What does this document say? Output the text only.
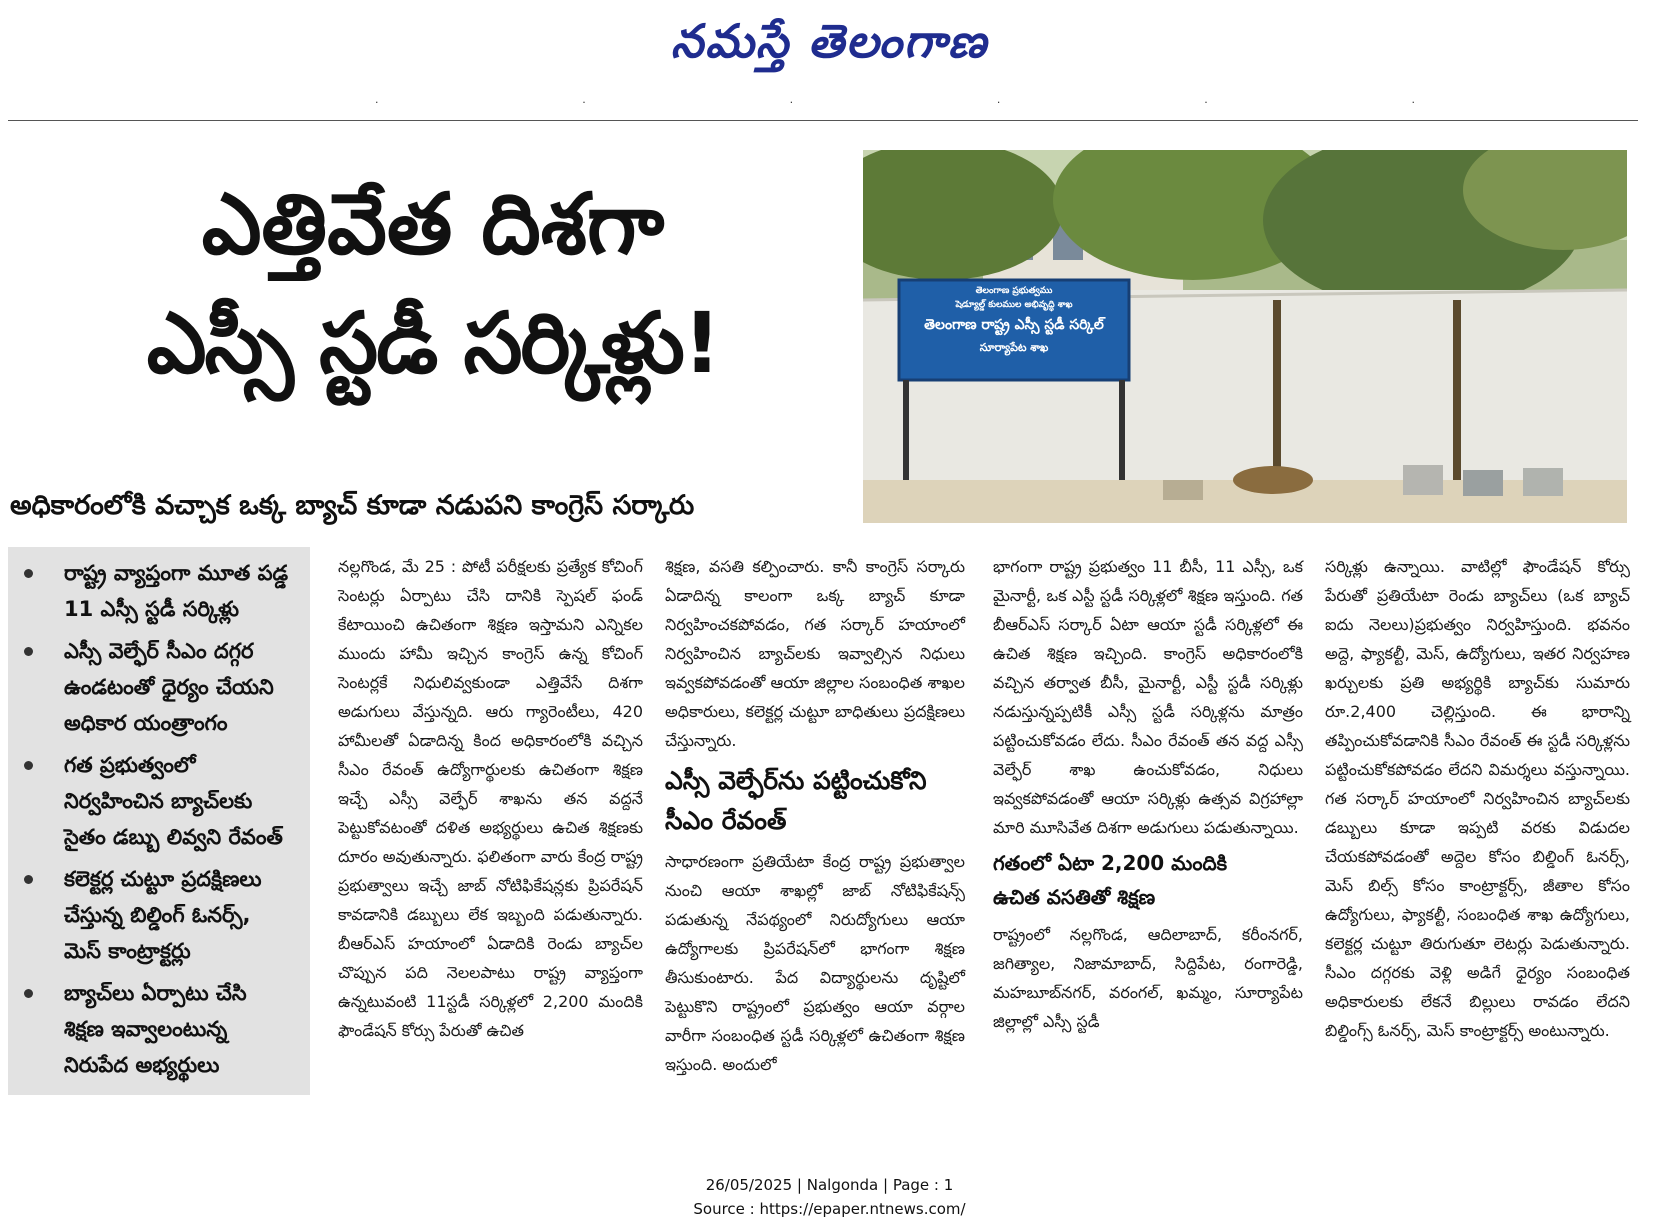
నమస్తే తెలంగాణ
·	·	·	·	·	·
ఎత్తివేత దిశగా
ఎస్సీ స్టడీ సర్కిళ్లు!
అధికారంలోకి వచ్చాక ఒక్క బ్యాచ్ కూడా నడుపని కాంగ్రెస్ సర్కారు
తెలంగాణ ప్రభుత్వము
షెడ్యూల్డ్ కులముల అభివృద్ధి శాఖ
తెలంగాణ రాష్ట్ర ఎస్సీ స్టడీ సర్కిల్
సూర్యాపేట శాఖ
రాష్ట్ర వ్యాప్తంగా మూత పడ్డ
11 ఎస్సీ స్టడీ సర్కిళ్లు
ఎస్సీ వెల్ఫేర్ సీఎం దగ్గర
ఉండటంతో ధైర్యం చేయని
అధికార యంత్రాంగం
గత ప్రభుత్వంలో
నిర్వహించిన బ్యాచ్‌లకు
సైతం డబ్బు లివ్వని రేవంత్
కలెక్టర్ల చుట్టూ ప్రదక్షిణలు
చేస్తున్న బిల్డింగ్ ఓనర్స్,
మెస్ కాంట్రాక్టర్లు
బ్యాచ్‌లు ఏర్పాటు చేసి
శిక్షణ ఇవ్వాలంటున్న
నిరుపేద అభ్యర్థులు
నల్లగొండ, మే 25 : పోటీ పరీక్షలకు ప్రత్యేక కోచింగ్ సెంటర్లు ఏర్పాటు చేసి దానికి స్పెషల్ ఫండ్ కేటాయించి ఉచితంగా శిక్షణ ఇస్తామని ఎన్నికల ముందు హామీ ఇచ్చిన కాంగ్రెస్ ఉన్న కోచింగ్ సెంటర్లకే నిధులివ్వకుండా ఎత్తివేసే దిశగా అడుగులు వేస్తున్నది. ఆరు గ్యారెంటీలు, 420 హామీలతో ఏడాదిన్న కింద అధికారంలోకి వచ్చిన సీఎం రేవంత్ ఉద్యోగార్థులకు ఉచితంగా శిక్షణ ఇచ్చే ఎస్సీ వెల్ఫేర్ శాఖను తన వద్దనే పెట్టుకోవటంతో దళిత అభ్యర్థులు ఉచిత శిక్షణకు దూరం అవుతున్నారు. ఫలితంగా వారు కేంద్ర రాష్ట్ర ప్రభుత్వాలు ఇచ్చే జాబ్ నోటిఫికేషన్లకు ప్రిపరేషన్ కావడానికి డబ్బులు లేక ఇబ్బంది పడుతున్నారు. బీఆర్ఎస్ హయాంలో ఏడాదికి రెండు బ్యాచ్‌ల చొప్పున పది నెలలపాటు రాష్ట్ర వ్యాప్తంగా ఉన్నటువంటి 11స్టడీ సర్కిళ్లలో 2,200 మందికి ఫౌండేషన్ కోర్సు పేరుతో ఉచిత
శిక్షణ, వసతి కల్పించారు. కానీ కాంగ్రెస్ సర్కారు ఏడాదిన్న కాలంగా ఒక్క బ్యాచ్ కూడా నిర్వహించకపోవడం, గత సర్కార్ హయాంలో నిర్వహించిన బ్యాచ్‌లకు ఇవ్వాల్సిన నిధులు ఇవ్వకపోవడంతో ఆయా జిల్లాల సంబంధిత శాఖల అధికారులు, కలెక్టర్ల చుట్టూ బాధితులు ప్రదక్షిణలు చేస్తున్నారు.
ఎస్సీ వెల్ఫేర్‌ను పట్టించుకోని సీఎం రేవంత్
సాధారణంగా ప్రతియేటా కేంద్ర రాష్ట్ర ప్రభుత్వాల నుంచి ఆయా శాఖల్లో జాబ్ నోటిఫికేషన్స్ పడుతున్న నేపథ్యంలో నిరుద్యోగులు ఆయా ఉద్యోగాలకు ప్రిపరేషన్‌లో భాగంగా శిక్షణ తీసుకుంటారు. పేద విద్యార్థులను దృష్టిలో పెట్టుకొని రాష్ట్రంలో ప్రభుత్వం ఆయా వర్గాల వారీగా సంబంధిత స్టడీ సర్కిళ్లలో ఉచితంగా శిక్షణ ఇస్తుంది. అందులో
భాగంగా రాష్ట్ర ప్రభుత్వం 11 బీసీ, 11 ఎస్సీ, ఒక మైనార్టీ, ఒక ఎస్టీ స్టడీ సర్కిళ్లలో శిక్షణ ఇస్తుంది. గత బీఆర్ఎస్ సర్కార్ ఏటా ఆయా స్టడీ సర్కిళ్లలో ఈ ఉచిత శిక్షణ ఇచ్చింది. కాంగ్రెస్ అధికారంలోకి వచ్చిన తర్వాత బీసీ, మైనార్టీ, ఎస్టీ స్టడీ సర్కిళ్లు నడుస్తున్నప్పటికీ ఎస్సీ స్టడీ సర్కిళ్లను మాత్రం పట్టించుకోవడం లేదు. సీఎం రేవంత్ తన వద్ద ఎస్సీ వెల్ఫేర్ శాఖ ఉంచుకోవడం, నిధులు ఇవ్వకపోవడంతో ఆయా సర్కిళ్లు ఉత్సవ విగ్రహాల్లా మారి మూసివేత దిశగా అడుగులు పడుతున్నాయి.
గతంలో ఏటా 2,200 మందికి
ఉచిత వసతితో శిక్షణ
రాష్ట్రంలో నల్లగొండ, ఆదిలాబాద్, కరీంనగర్, జగిత్యాల, నిజామాబాద్, సిద్దిపేట, రంగారెడ్డి, మహబూబ్‌నగర్, వరంగల్, ఖమ్మం, సూర్యాపేట జిల్లాల్లో ఎస్సీ స్టడీ
సర్కిళ్లు ఉన్నాయి. వాటిల్లో ఫౌండేషన్ కోర్సు పేరుతో ప్రతియేటా రెండు బ్యాచ్‌లు (ఒక బ్యాచ్ ఐదు నెలలు)ప్రభుత్వం నిర్వహిస్తుంది. భవనం అద్దె, ఫ్యాకల్టీ, మెస్, ఉద్యోగులు, ఇతర నిర్వహణ ఖర్చులకు ప్రతి అభ్యర్థికి బ్యాచ్‌కు సుమారు రూ.2,400 చెల్లిస్తుంది. ఈ భారాన్ని తప్పించుకోవడానికి సీఎం రేవంత్ ఈ స్టడీ సర్కిళ్లను పట్టించుకోకపోవడం లేదని విమర్శలు వస్తున్నాయి. గత సర్కార్ హయాంలో నిర్వహించిన బ్యాచ్‌లకు డబ్బులు కూడా ఇప్పటి వరకు విడుదల చేయకపోవడంతో అద్దెల కోసం బిల్డింగ్ ఓనర్స్, మెస్ బిల్స్ కోసం కాంట్రాక్టర్స్, జీతాల కోసం ఉద్యోగులు, ఫ్యాకల్టీ, సంబంధిత శాఖ ఉద్యోగులు, కలెక్టర్ల చుట్టూ తిరుగుతూ లెటర్లు పెడుతున్నారు. సీఎం దగ్గరకు వెళ్లి అడిగే ధైర్యం సంబంధిత అధికారులకు లేకనే బిల్లులు రావడం లేదని బిల్డింగ్స్ ఓనర్స్, మెస్ కాంట్రాక్టర్స్ అంటున్నారు.
26/05/2025 | Nalgonda | Page : 1
Source : https://epaper.ntnews.com/
